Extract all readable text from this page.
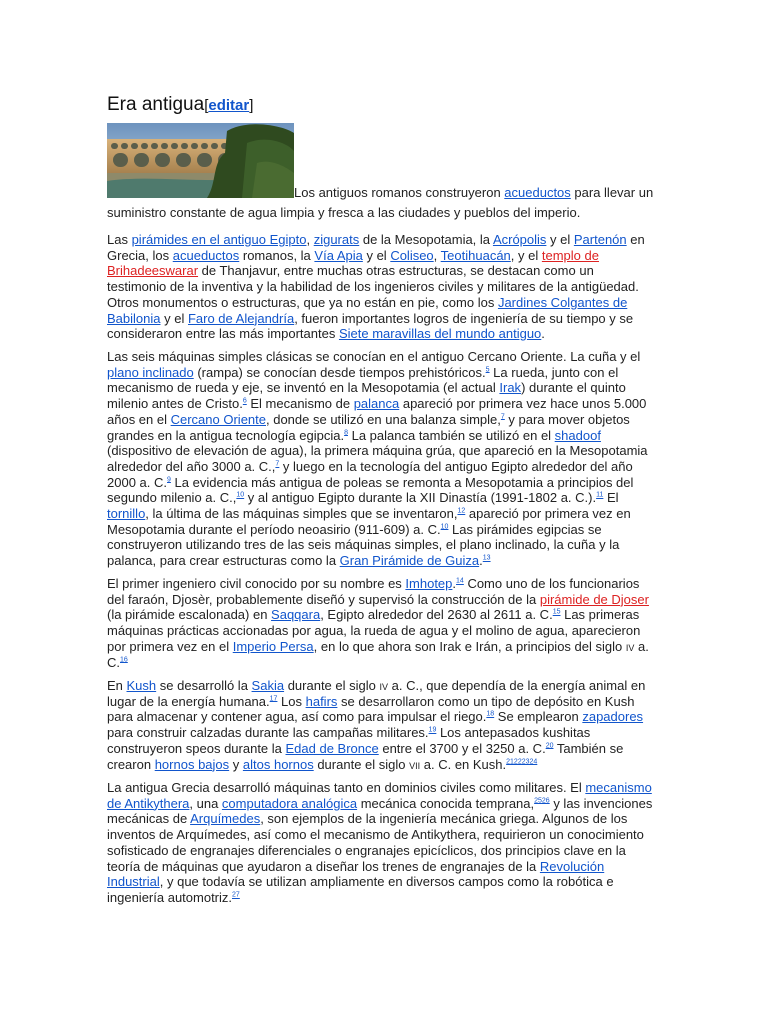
Era antigua[editar]
Los antiguos romanos construyeron acueductos para llevar un suministro constante de agua limpia y fresca a las ciudades y pueblos del imperio.

Las pirámides en el antiguo Egipto, zigurats de la Mesopotamia, la Acrópolis y el Partenón en Grecia, los acueductos romanos, la Vía Apia y el Coliseo, Teotihuacán, y el templo de Brihadeeswarar de Thanjavur, entre muchas otras estructuras, se destacan como un testimonio de la inventiva y la habilidad de los ingenieros civiles y militares de la antigüedad. Otros monumentos o estructuras, que ya no están en pie, como los Jardines Colgantes de Babilonia y el Faro de Alejandría, fueron importantes logros de ingeniería de su tiempo y se consideraron entre las más importantes Siete maravillas del mundo antiguo.

Las seis máquinas simples clásicas se conocían en el antiguo Cercano Oriente. La cuña y el plano inclinado (rampa) se conocían desde tiempos prehistóricos.$^5$ La rueda, junto con el mecanismo de rueda y eje, se inventó en la Mesopotamia (el actual Irak) durante el quinto milenio antes de Cristo.$^6$ El mecanismo de palanca apareció por primera vez hace unos 5.000 años en el Cercano Oriente, donde se utilizó en una balanza simple,$^7$ y para mover objetos grandes en la antigua tecnología egipcia.$^8$ La palanca también se utilizó en el shadoof (dispositivo de elevación de agua), la primera máquina grúa, que apareció en la Mesopotamia alrededor del año 3000 a. C.,$^7$ y luego en la tecnología del antiguo Egipto alrededor del año 2000 a. C.$^9$ La evidencia más antigua de poleas se remonta a Mesopotamia a principios del segundo milenio a. C.,$^{10}$ y al antiguo Egipto durante la XII Dinastía (1991-1802 a. C.).$^{11}$ El tornillo, la última de las máquinas simples que se inventaron,$^{12}$ apareció por primera vez en Mesopotamia durante el período neoasirio (911-609) a. C.$^{10}$ Las pirámides egipcias se construyeron utilizando tres de las seis máquinas simples, el plano inclinado, la cuña y la palanca, para crear estructuras como la Gran Pirámide de Guiza.$^{13}$

El primer ingeniero civil conocido por su nombre es Imhotep.$^{14}$ Como uno de los funcionarios del faraón, Djosèr, probablemente diseñó y supervisó la construcción de la pirámide de Djoser (la pirámide escalonada) en Saqqara, Egipto alrededor del 2630 al 2611 a. C.$^{15}$ Las primeras máquinas prácticas accionadas por agua, la rueda de agua y el molino de agua, aparecieron por primera vez en el Imperio Persa, en lo que ahora son Irak e Irán, a principios del siglo iv a. C.$^{16}$

En Kush se desarrolló la Sakia durante el siglo iv a. C., que dependía de la energía animal en lugar de la energía humana.$^{17}$ Los hafirs se desarrollaron como un tipo de depósito en Kush para almacenar y contener agua, así como para impulsar el riego.$^{18}$ Se emplearon zapadores para construir calzadas durante las campañas militares.$^{19}$ Los antepasados kushitas construyeron speos durante la Edad de Bronce entre el 3700 y el 3250 a. C.$^{20}$ También se crearon hornos bajos y altos hornos durante el siglo vii a. C. en Kush.$^{21222324}$

La antigua Grecia desarrolló máquinas tanto en dominios civiles como militares. El mecanismo de Antikythera, una computadora analógica mecánica conocida temprana,$^{2526}$ y las invenciones mecánicas de Arquímedes, son ejemplos de la ingeniería mecánica griega. Algunos de los inventos de Arquímedes, así como el mecanismo de Antikythera, requirieron un conocimiento sofisticado de engranajes diferenciales o engranajes epicíclicos, dos principios clave en la teoría de máquinas que ayudaron a diseñar los trenes de engranajes de la Revolución Industrial, y que todavía se utilizan ampliamente en diversos campos como la robótica e ingeniería automotriz.$^{27}$
